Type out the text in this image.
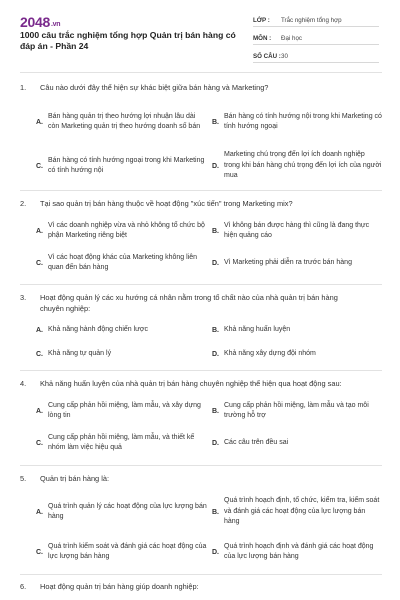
2048.vn
1000 câu trắc nghiệm tổng hợp Quản trị bán hàng có đáp án - Phần 24
LỚP :	Trắc nghiệm tổng hợp
MÔN :	Đại học
SỐ CÂU : 30
1. Câu nào dưới đây thể hiện sự khác biệt giữa bán hàng và Marketing?
A.
Bán hàng quản trị theo hướng lợi nhuận lâu dài còn Marketing quản trị theo hướng doanh số bán
B.
Bán hàng có tính hướng nội trong khi Marketing có tính hướng ngoại
C.
Bán hàng có tính hướng ngoại trong khi Marketing có tính hướng nội
D.
Marketing chú trọng đến lợi ích doanh nghiệp trong khi bán hàng chú trọng đến lợi ích của người mua
2. Tại sao quản trị bán hàng thuộc về hoạt động "xúc tiến" trong Marketing mix?
A.
Vì các doanh nghiệp vừa và nhỏ không tổ chức bộ phận Marketing riêng biệt
B.
Vì không bán được hàng thì cũng là đang thực hiện quảng cáo
C.
Vì các hoạt động khác của Marketing không liên quan đến bán hàng
D. Vì Marketing phải diễn ra trước bán hàng
3. Hoạt động quản lý các xu hướng cá nhân nằm trong tổ chất nào của nhà quản trị bán hàng chuyên nghiệp:
A. Khả năng hành động chiến lược	B. Khả năng huấn luyện
C. Khả năng tự quản lý	D. Khả năng xây dựng đội nhóm
4. Khả năng huấn luyện của nhà quản trị bán hàng chuyên nghiệp thể hiện qua hoạt động sau:
A.
Cung cấp phản hồi miệng, làm mẫu, và xây dựng lòng tin
B.
Cung cấp phản hồi miệng, làm mẫu và tạo môi trường hỗ trợ
C.
Cung cấp phản hồi miệng, làm mẫu, và thiết kế nhóm làm việc hiệu quả
D. Các câu trên đều sai
5. Quản trị bán hàng là:
A.
Quá trình quản lý các hoạt động của lực lượng bán hàng
B.
Quá trình hoạch định, tổ chức, kiểm tra, kiểm soát và đánh giá các hoạt động của lực lượng bán hàng
C.
Quá trình kiểm soát và đánh giá các hoạt động của lực lượng bán hàng
D.
Quá trình hoạch định và đánh giá các hoạt động của lực lượng bán hàng
6. Hoạt động quản trị bán hàng giúp doanh nghiệp:
